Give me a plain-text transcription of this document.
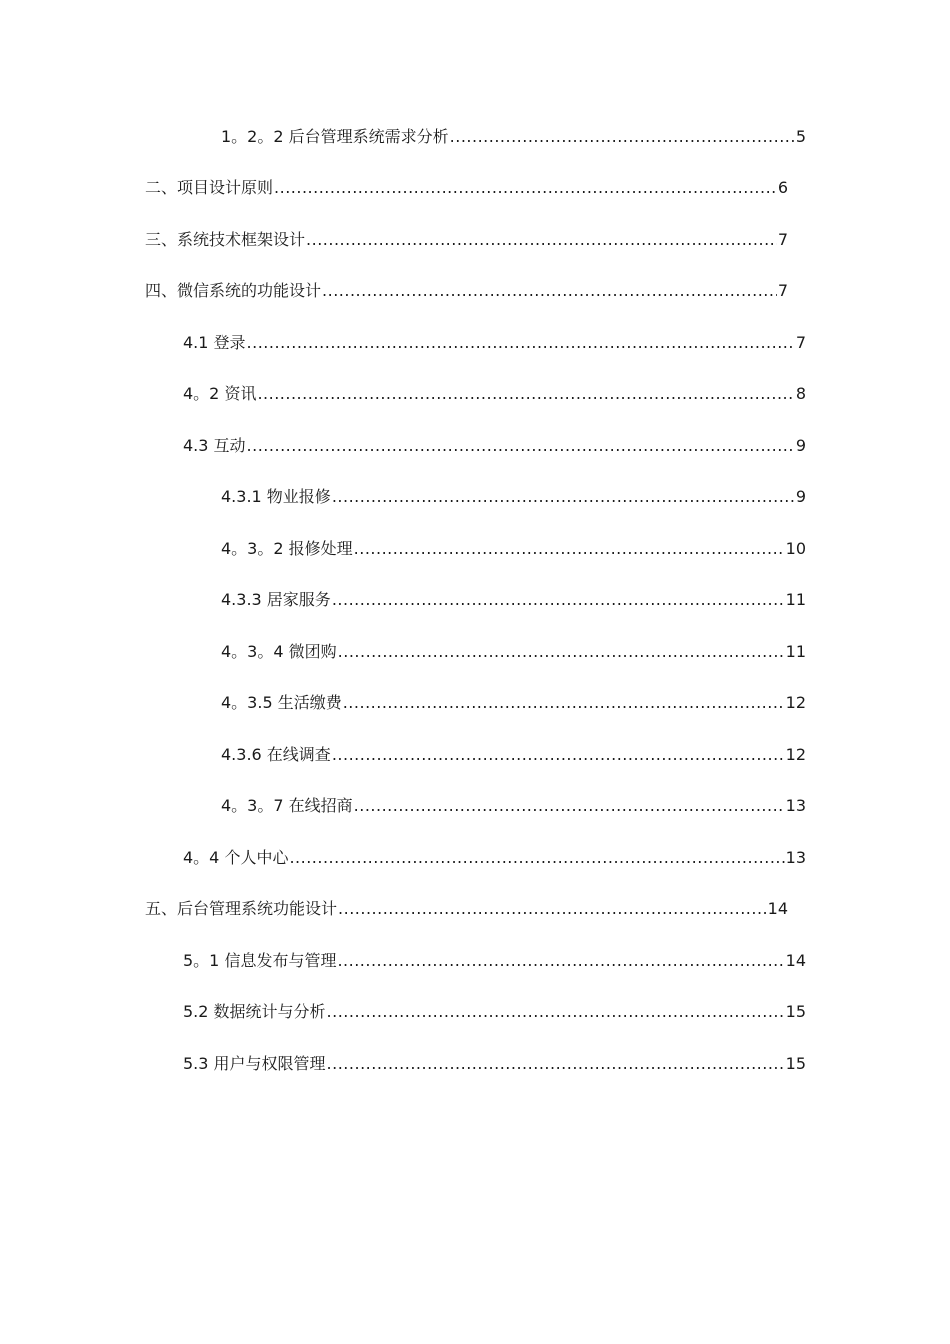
1。2。2 后台管理系统需求分析 .....	5
二、项目设计原则 .....	6
三、系统技术框架设计 .....	7
四、微信系统的功能设计 .....	7
4.1 登录 .....	7
4。2 资讯 .....	8
4.3 互动 .....	9
4.3.1 物业报修 .....	9
4。3。2 报修处理 .....	10
4.3.3 居家服务 .....	11
4。3。4 微团购 .....	11
4。3.5 生活缴费 .....	12
4.3.6 在线调查 .....	12
4。3。7 在线招商 .....	13
4。4 个人中心 .....	13
五、后台管理系统功能设计 .....	14
5。1 信息发布与管理 .....	14
5.2 数据统计与分析 .....	15
5.3 用户与权限管理 .....	15
